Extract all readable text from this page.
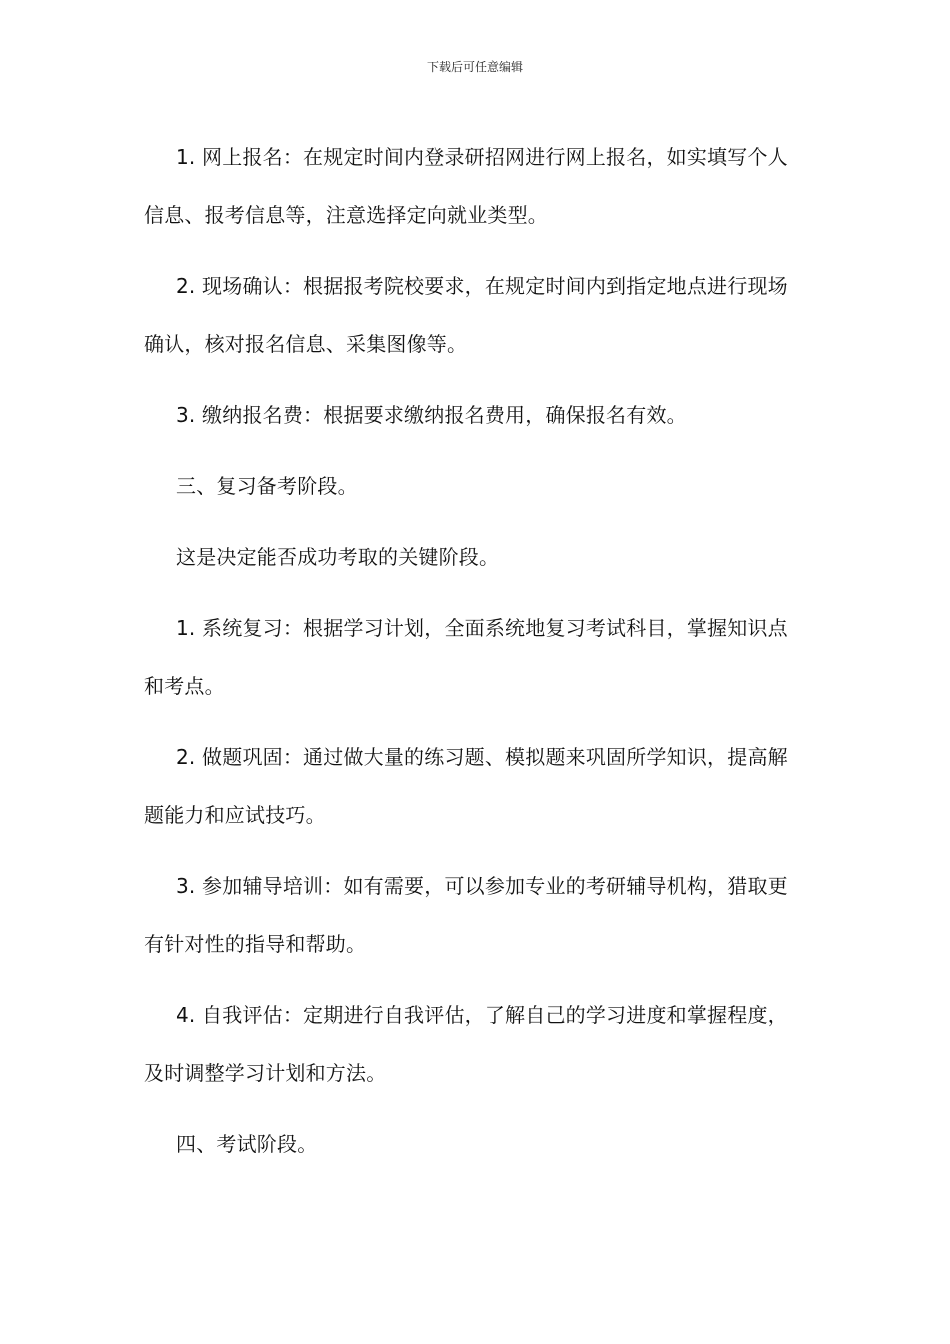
下载后可任意编辑

1. 网上报名：在规定时间内登录研招网进行网上报名，如实填写个人信息、报考信息等，注意选择定向就业类型。

2. 现场确认：根据报考院校要求，在规定时间内到指定地点进行现场确认，核对报名信息、采集图像等。

3. 缴纳报名费：根据要求缴纳报名费用，确保报名有效。

三、复习备考阶段。

这是决定能否成功考取的关键阶段。

1. 系统复习：根据学习计划，全面系统地复习考试科目，掌握知识点和考点。

2. 做题巩固：通过做大量的练习题、模拟题来巩固所学知识，提高解题能力和应试技巧。

3. 参加辅导培训：如有需要，可以参加专业的考研辅导机构，猎取更有针对性的指导和帮助。

4. 自我评估：定期进行自我评估，了解自己的学习进度和掌握程度，及时调整学习计划和方法。

四、考试阶段。
